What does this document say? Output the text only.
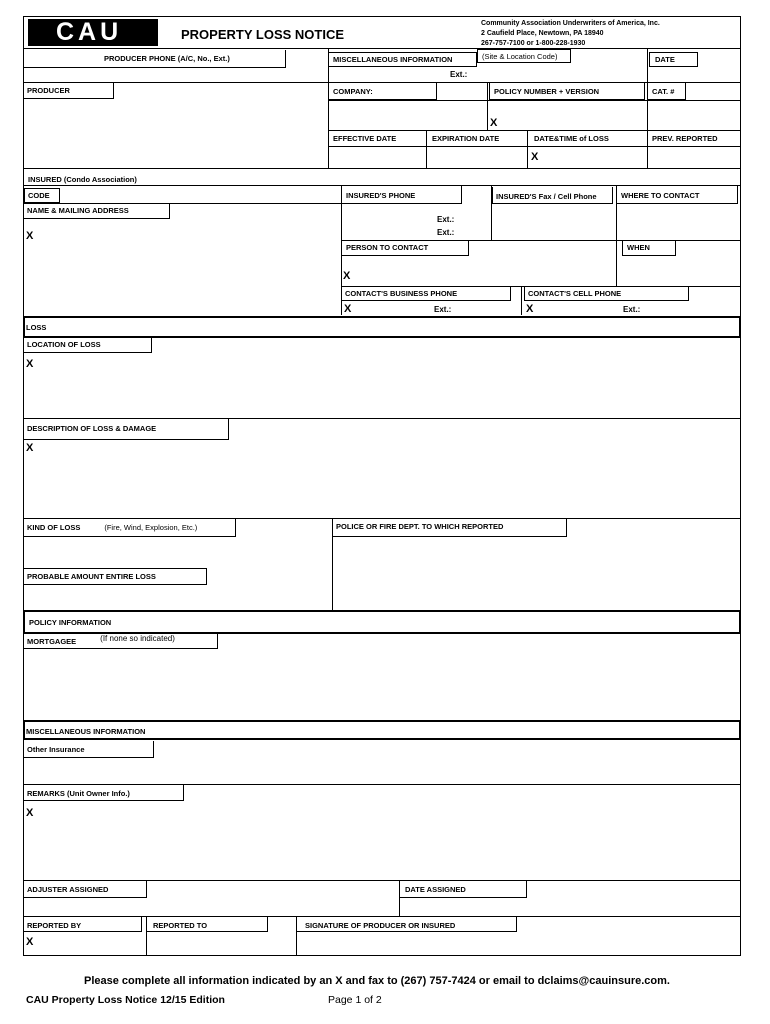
CAU	PROPERTY LOSS NOTICE
Community Association Underwriters of America, Inc.
2 Caufield Place, Newtown, PA 18940
267-757-7100 or 1-800-228-1930
PRODUCER PHONE (A/C, No., Ext.)	MISCELLANEOUS INFORMATION	(Site & Location Code)	DATE
Ext.:
PRODUCER	COMPANY:	POLICY NUMBER + VERSION	CAT. #
X
EFFECTIVE DATE	EXPIRATION DATE	DATE&TIME of LOSS	PREV. REPORTED
X
INSURED (Condo Association)
CODE
NAME & MAILING ADDRESS
X
INSURED'S PHONE	INSURED'S Fax / Cell Phone	WHERE TO CONTACT
Ext.:
Ext.:
PERSON TO CONTACT	WHEN
X
CONTACT'S BUSINESS PHONE	CONTACT'S CELL PHONE
X	Ext.:	X	Ext.:
LOSS
LOCATION OF LOSS
X
DESCRIPTION OF LOSS & DAMAGE
X
KIND OF LOSS	(Fire, Wind, Explosion, Etc.)	POLICE OR FIRE DEPT. TO WHICH REPORTED
PROBABLE AMOUNT ENTIRE LOSS
POLICY INFORMATION
MORTGAGEE	(If none so indicated)
MISCELLANEOUS INFORMATION
Other Insurance
REMARKS (Unit Owner Info.)
X
ADJUSTER ASSIGNED	DATE ASSIGNED
REPORTED BY	REPORTED TO	SIGNATURE OF PRODUCER OR INSURED
X
Please complete all information indicated by an X and fax to (267) 757-7424 or email to dclaims@cauinsure.com.
CAU Property Loss Notice 12/15 Edition	Page 1 of 2
